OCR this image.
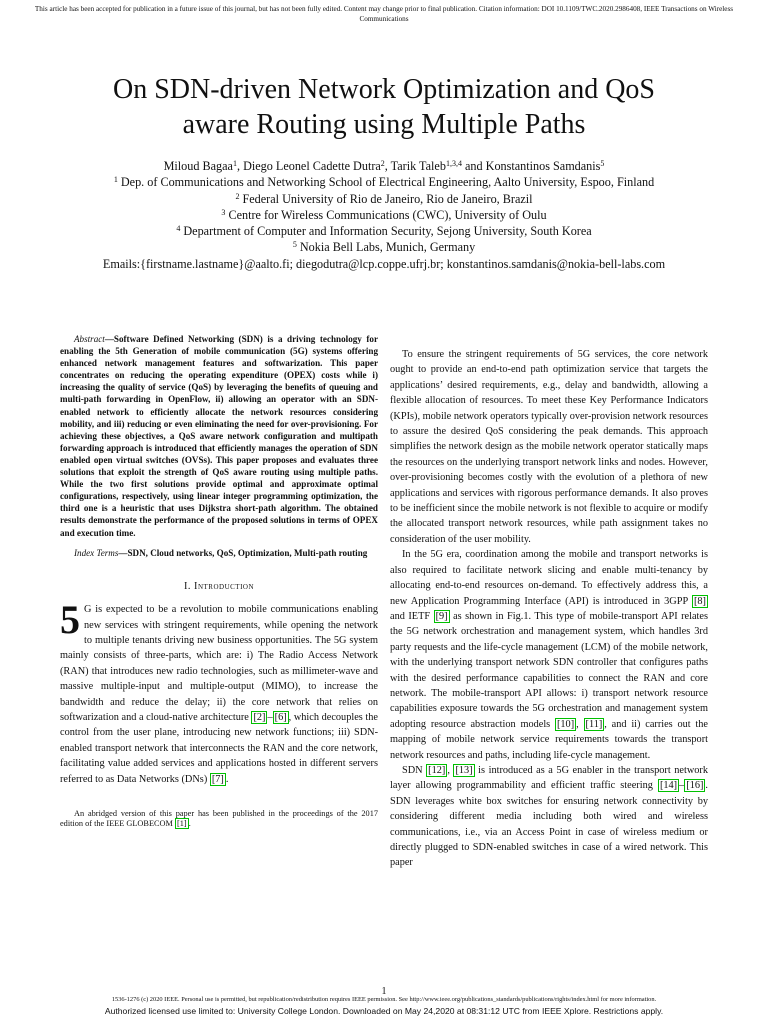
This article has been accepted for publication in a future issue of this journal, but has not been fully edited. Content may change prior to final publication. Citation information: DOI 10.1109/TWC.2020.2986408, IEEE Transactions on Wireless Communications
On SDN-driven Network Optimization and QoS
aware Routing using Multiple Paths
Miloud Bagaa$^1$, Diego Leonel Cadette Dutra$^2$, Tarik Taleb$^{1,3,4}$ and Konstantinos Samdanis$^5$
$^1$ Dep. of Communications and Networking School of Electrical Engineering, Aalto University, Espoo, Finland
$^2$ Federal University of Rio de Janeiro, Rio de Janeiro, Brazil
$^3$ Centre for Wireless Communications (CWC), University of Oulu
$^4$ Department of Computer and Information Security, Sejong University, South Korea
$^5$ Nokia Bell Labs, Munich, Germany
Emails:{firstname.lastname}@aalto.fi; diegodutra@lcp.coppe.ufrj.br; konstantinos.samdanis@nokia-bell-labs.com

Abstract—Software Defined Networking (SDN) is a driving technology for enabling the 5th Generation of mobile communication (5G) systems offering enhanced network management features and softwarization. This paper concentrates on reducing the operating expenditure (OPEX) costs while i) increasing the quality of service (QoS) by leveraging the benefits of queuing and multi-path forwarding in OpenFlow, ii) allowing an operator with an SDN-enabled network to efficiently allocate the network resources considering mobility, and iii) reducing or even eliminating the need for over-provisioning. For achieving these objectives, a QoS aware network configuration and multipath forwarding approach is introduced that efficiently manages the operation of SDN enabled open virtual switches (OVSs). This paper proposes and evaluates three solutions that exploit the strength of QoS aware routing using multiple paths. While the two first solutions provide optimal and approximate optimal configurations, respectively, using linear integer programming optimization, the third one is a heuristic that uses Dijkstra short-path algorithm. The obtained results demonstrate the performance of the proposed solutions in terms of OPEX and execution time.

Index Terms—SDN, Cloud networks, QoS, Optimization, Multi-path routing

I. Introduction

5 G is expected to be a revolution to mobile communications enabling new services with stringent requirements, while opening the network to multiple tenants driving new business opportunities. The 5G system mainly consists of three-parts, which are: i) The Radio Access Network (RAN) that introduces new radio technologies, such as millimeter-wave and massive multiple-input and multiple-output (MIMO), to increase the bandwidth and reduce the delay; ii) the core network that relies on softwarization and a cloud-native architecture [2] – [6] , which decouples the control from the user plane, introducing new network functions; iii) SDN-enabled transport network that interconnects the RAN and the core network, facilitating value added services and applications hosted in different servers referred to as Data Networks (DNs) [7] .

An abridged version of this paper has been published in the proceedings of the 2017 edition of the IEEE GLOBECOM [1] .

To ensure the stringent requirements of 5G services, the core network ought to provide an end-to-end path optimization service that targets the applications’ desired requirements, e.g., delay and bandwidth, allowing a flexible allocation of resources. To meet these Key Performance Indicators (KPIs), mobile network operators typically over-provision network resources to assure the desired QoS considering the peak demands. This approach simplifies the network design as the mobile network operator statically maps the resources on the underlying transport network links and nodes. However, over-provisioning becomes costly with the evolution of a plethora of new applications and services with rigorous performance demands. It also proves to be inefficient since the mobile network is not flexible to acquire or modify the allocated transport network resources, while path assignment takes no consideration of the user mobility.

In the 5G era, coordination among the mobile and transport networks is also required to facilitate network slicing and enable multi-tenancy by allocating end-to-end resources on-demand. To effectively address this, a new Application Programming Interface (API) is introduced in 3GPP [8] and IETF [9] as shown in Fig.1. This type of mobile-transport API relates the 5G network orchestration and management system, which handles 3rd party requests and the life-cycle management (LCM) of the mobile network, with the underlying transport network SDN controller that configures paths with the desired performance capabilities to connect the RAN and core network. The mobile-transport API allows: i) transport network resource capabilities exposure towards the 5G orchestration and management system adopting resource abstraction models [10] , [11] , and ii) carries out the mapping of mobile network service requirements towards the transport network resources and paths, including life-cycle management.

SDN [12] , [13] is introduced as a 5G enabler in the transport network layer allowing programmability and efficient traffic steering [14] – [16] . SDN leverages white box switches for ensuring network connectivity by considering different media including both wired and wireless communications, i.e., via an Access Point in case of wireless medium or directly plugged to SDN-enabled switches in case of a wired network. This paper

1
1536-1276 (c) 2020 IEEE. Personal use is permitted, but republication/redistribution requires IEEE permission. See http://www.ieee.org/publications_standards/publications/rights/index.html for more information.
Authorized licensed use limited to: University College London. Downloaded on May 24,2020 at 08:31:12 UTC from IEEE Xplore. Restrictions apply.
